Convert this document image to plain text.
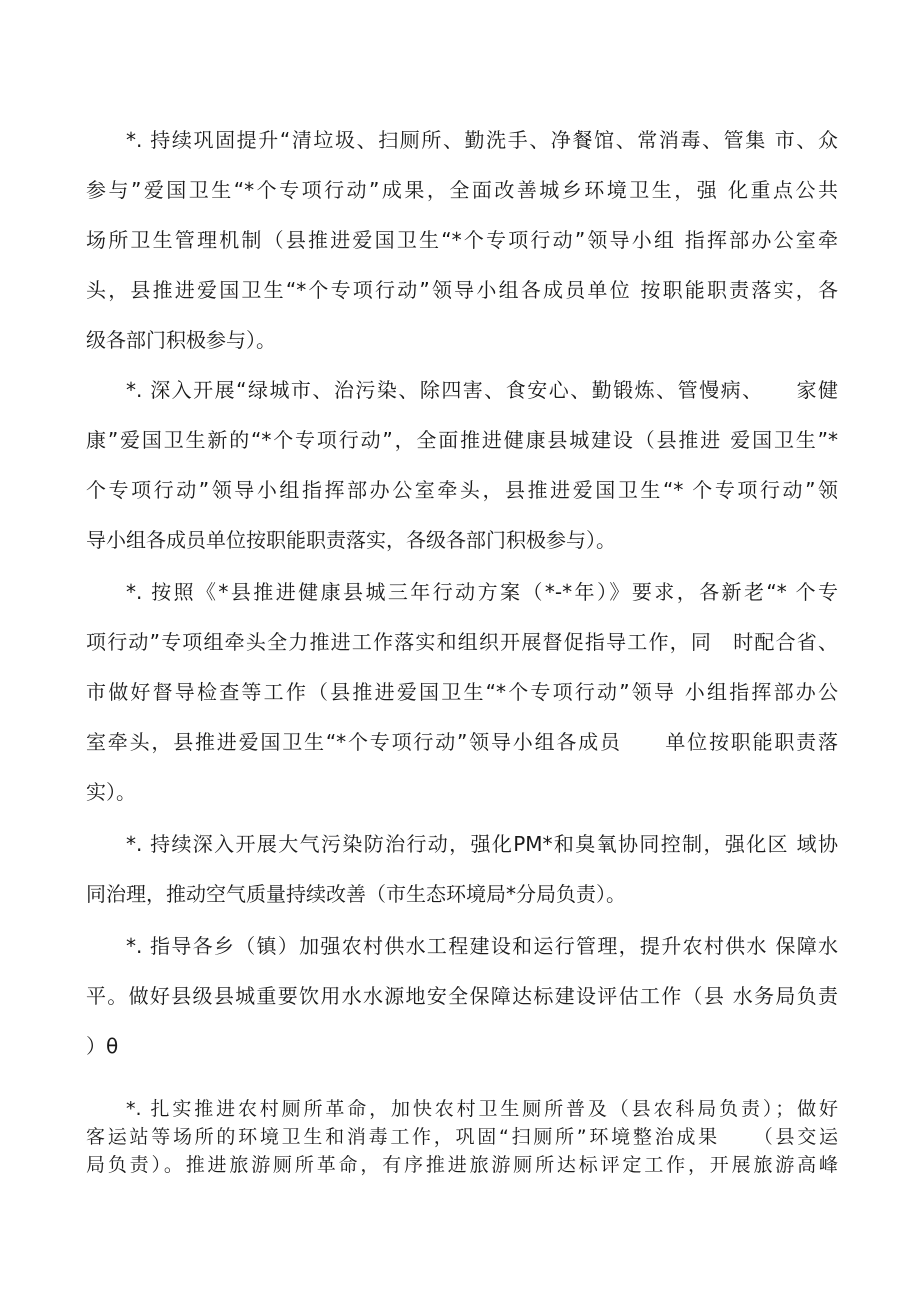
*. 持续巩固提升“清垃圾、扫厕所、勤洗手、净餐馆、常消毒、管集 市、众
参与”爱国卫生“*个专项行动”成果，全面改善城乡环境卫生，强 化重点公共
场所卫生管理机制（县推进爱国卫生“*个专项行动”领导小组 指挥部办公室牵
头，县推进爱国卫生“*个专项行动”领导小组各成员单位 按职能职责落实，各
级各部门积极参与）。
*. 深入开展“绿城市、治污染、除四害、食安心、勤锻炼、管慢病、　　家健
康”爱国卫生新的“*个专项行动”，全面推进健康县城建设（县推进 爱国卫生”*
个专项行动”领导小组指挥部办公室牵头，县推进爱国卫生“* 个专项行动”领
导小组各成员单位按职能职责落实，各级各部门积极参与）。
*. 按照《*县推进健康县城三年行动方案（*-*年）》要求，各新老“* 个专
项行动”专项组牵头全力推进工作落实和组织开展督促指导工作，同　时配合省、
市做好督导检查等工作（县推进爱国卫生“*个专项行动”领导 小组指挥部办公
室牵头，县推进爱国卫生“*个专项行动”领导小组各成员　　单位按职能职责落
实）。
*. 持续深入开展大气污染防治行动，强化PM*和臭氧协同控制，强化区 域协
同治理，推动空气质量持续改善（市生态环境局*分局负责）。
*. 指导各乡（镇）加强农村供水工程建设和运行管理，提升农村供水 保障水
平。做好县级县城重要饮用水水源地安全保障达标建设评估工作（县 水务局负责
）θ
*. 扎实推进农村厕所革命，加快农村卫生厕所普及（县农科局负责）；做好
客运站等场所的环境卫生和消毒工作，巩固“扫厕所”环境整治成果　　（县交运
局负责）。推进旅游厕所革命，有序推进旅游厕所达标评定工作，开展旅游高峰
